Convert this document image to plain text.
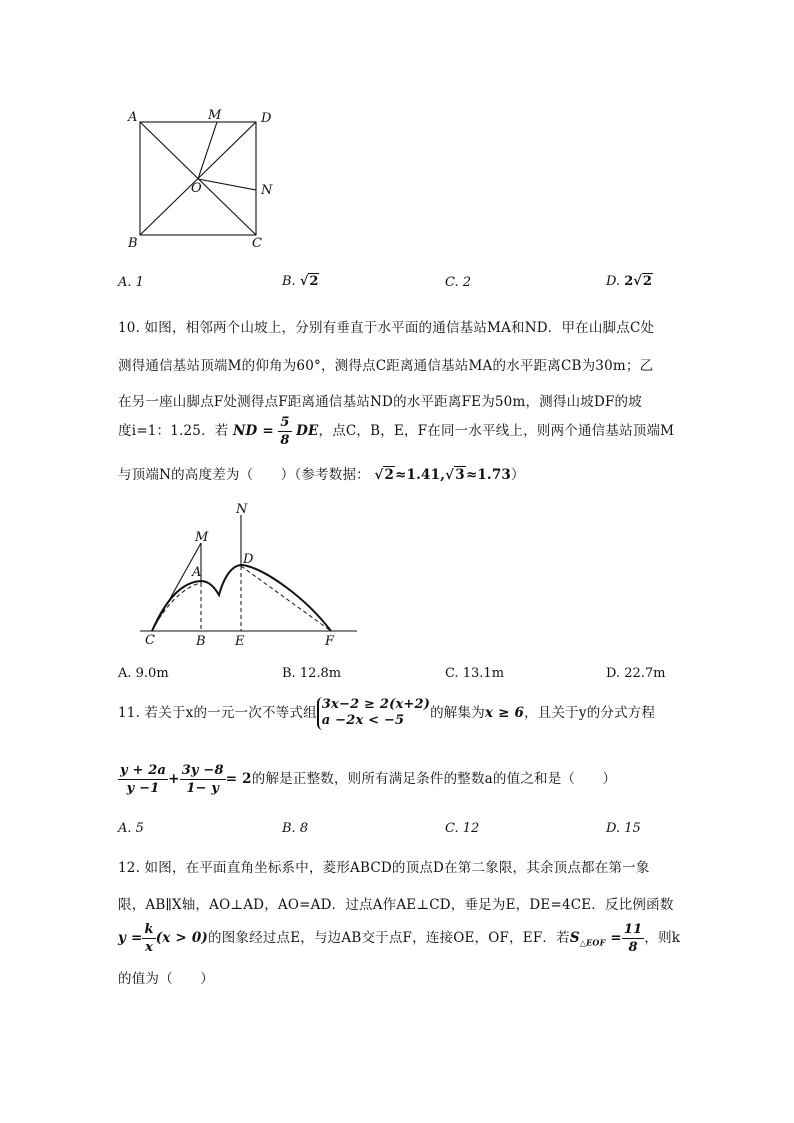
A	M	D
O	N
B	C
A. 1	B. √2	C. 2	D. 2√2
10. 如图，相邻两个山坡上，分别有垂直于水平面的通信基站MA和ND．甲在山脚点C处
测得通信基站顶端M的仰角为60°，测得点C距离通信基站MA的水平距离CB为30m；乙
在另一座山脚点F处测得点F距离通信基站ND的水平距离FE为50m，测得山坡DF的坡
度i=1：1.25．若 ND = $\frac{5}{8}$ DE，点C，B，E，F在同一水平线上，则两个通信基站顶端M
与顶端N的高度差为（　　）（参考数据： √2≈1.41,√3≈1.73）
N
M
A
D
C	B E	F
A. 9.0m	B. 12.8m	C. 13.1m	D. 22.7m
11. 若关于x的一元一次不等式组
3x−2 ≥ 2(x+2)
a −2x < −5	的解集为x ≥ 6，且关于y的分式方程
$\frac{y + 2a}{y -1} + \frac{3y -8}{1- y} = 2$的解是正整数，则所有满足条件的整数a的值之和是（　　）
A. 5	B. 8	C. 12	D. 15
12. 如图，在平面直角坐标系中，菱形ABCD的顶点D在第二象限，其余顶点都在第一象
限，AB∥X轴，AO⊥AD，AO=AD．过点A作AE⊥CD，垂足为E，DE=4CE．反比例函数
$y = \frac{k}{x} (x > 0)$的图象经过点E，与边AB交于点F，连接OE，OF，EF．若$S_{\triangle EOF} = \frac{11}{8}$ ，则k
的值为（　　）
